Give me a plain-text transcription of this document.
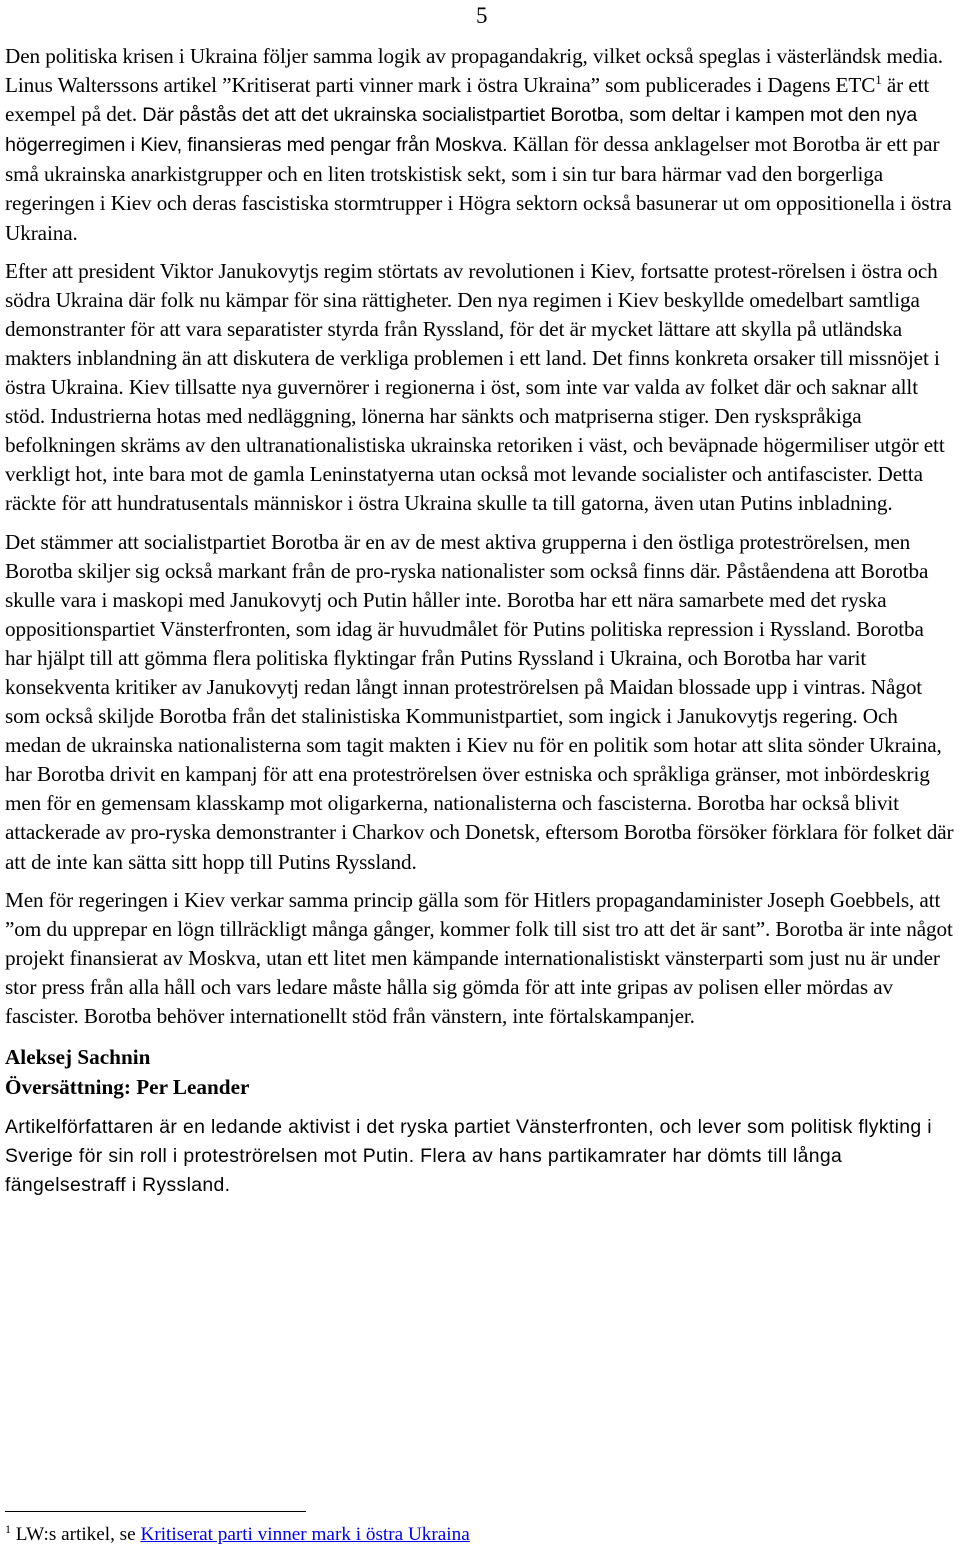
5

Den politiska krisen i Ukraina följer samma logik av propagandakrig, vilket också speglas i västerländsk media. Linus Walterssons artikel ”Kritiserat parti vinner mark i östra Ukraina” som publicerades i Dagens ETC$^1$ är ett exempel på det. Där påstås det att det ukrainska socialistpartiet Borotba, som deltar i kampen mot den nya högerregimen i Kiev, finansieras med pengar från Moskva. Källan för dessa anklagelser mot Borotba är ett par små ukrainska anarkistgrupper och en liten trotskistisk sekt, som i sin tur bara härmar vad den borgerliga regeringen i Kiev och deras fascistiska stormtrupper i Högra sektorn också basunerar ut om oppositionella i östra Ukraina.

Efter att president Viktor Janukovytjs regim störtats av revolutionen i Kiev, fortsatte protest-rörelsen i östra och södra Ukraina där folk nu kämpar för sina rättigheter. Den nya regimen i Kiev beskyllde omedelbart samtliga demonstranter för att vara separatister styrda från Ryssland, för det är mycket lättare att skylla på utländska makters inblandning än att diskutera de verkliga problemen i ett land. Det finns konkreta orsaker till missnöjet i östra Ukraina. Kiev tillsatte nya guvernörer i regionerna i öst, som inte var valda av folket där och saknar allt stöd. Industrierna hotas med nedläggning, lönerna har sänkts och matpriserna stiger. Den ryskspråkiga befolkningen skräms av den ultranationalistiska ukrainska retoriken i väst, och beväpnade högermiliser utgör ett verkligt hot, inte bara mot de gamla Leninstatyerna utan också mot levande socialister och antifascister. Detta räckte för att hundratusentals människor i östra Ukraina skulle ta till gatorna, även utan Putins inbladning.

Det stämmer att socialistpartiet Borotba är en av de mest aktiva grupperna i den östliga proteströrelsen, men Borotba skiljer sig också markant från de pro-ryska nationalister som också finns där. Påståendena att Borotba skulle vara i maskopi med Janukovytj och Putin håller inte. Borotba har ett nära samarbete med det ryska oppositionspartiet Vänsterfronten, som idag är huvudmålet för Putins politiska repression i Ryssland. Borotba har hjälpt till att gömma flera politiska flyktingar från Putins Ryssland i Ukraina, och Borotba har varit konsekventa kritiker av Janukovytj redan långt innan proteströrelsen på Maidan blossade upp i vintras. Något som också skiljde Borotba från det stalinistiska Kommunistpartiet, som ingick i Janukovytjs regering. Och medan de ukrainska nationalisterna som tagit makten i Kiev nu för en politik som hotar att slita sönder Ukraina, har Borotba drivit en kampanj för att ena proteströrelsen över estniska och språkliga gränser, mot inbördeskrig men för en gemensam klasskamp mot oligarkerna, nationalisterna och fascisterna. Borotba har också blivit attackerade av pro-ryska demonstranter i Charkov och Donetsk, eftersom Borotba försöker förklara för folket där att de inte kan sätta sitt hopp till Putins Ryssland.

Men för regeringen i Kiev verkar samma princip gälla som för Hitlers propagandaminister Joseph Goebbels, att ”om du upprepar en lögn tillräckligt många gånger, kommer folk till sist tro att det är sant”. Borotba är inte något projekt finansierat av Moskva, utan ett litet men kämpande internationalistiskt vänsterparti som just nu är under stor press från alla håll och vars ledare måste hålla sig gömda för att inte gripas av polisen eller mördas av fascister. Borotba behöver internationellt stöd från vänstern, inte förtalskampanjer.

Aleksej Sachnin
Översättning: Per Leander
Artikelförfattaren är en ledande aktivist i det ryska partiet Vänsterfronten, och lever som politisk flykting i Sverige för sin roll i proteströrelsen mot Putin. Flera av hans partikamrater har dömts till långa fängelsestraff i Ryssland.
$^1$ LW:s artikel, se Kritiserat parti vinner mark i östra Ukraina
